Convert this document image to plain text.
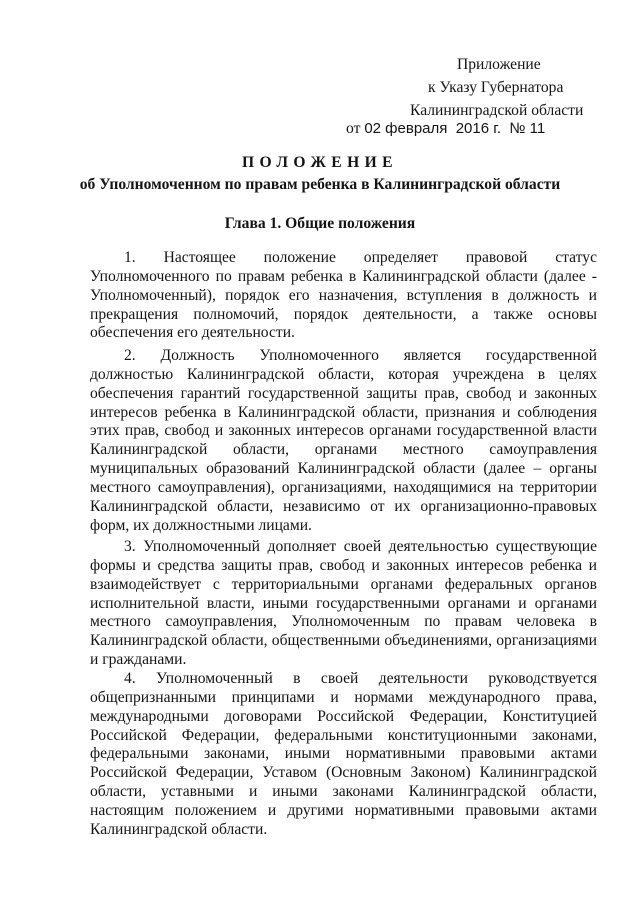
Приложение
к Указу Губернатора
Калининградской области
от 02 февраля  2016 г.  № 11
ПОЛОЖЕНИЕ
об Уполномоченном по правам ребенка в Калининградской области
Глава 1. Общие положения
1. Настоящее положение определяет правовой статус Уполномоченного по правам ребенка в Калининградской области (далее - Уполномоченный), порядок его назначения, вступления в должность и прекращения полномочий, порядок деятельности, а также основы обеспечения его деятельности.
2. Должность Уполномоченного является государственной должностью Калининградской области, которая учреждена в целях обеспечения гарантий государственной защиты прав, свобод и законных интересов ребенка в Калининградской области, признания и соблюдения этих прав, свобод и законных интересов органами государственной власти Калининградской области, органами местного самоуправления муниципальных образований Калининградской области (далее – органы местного самоуправления), организациями, находящимися на территории Калининградской области, независимо от их организационно-правовых форм, их должностными лицами.
3. Уполномоченный дополняет своей деятельностью существующие формы и средства защиты прав, свобод и законных интересов ребенка и взаимодействует с территориальными органами федеральных органов исполнительной власти, иными государственными органами и органами местного самоуправления, Уполномоченным по правам человека в Калининградской области, общественными объединениями, организациями и гражданами.
4. Уполномоченный в своей деятельности руководствуется общепризнанными принципами и нормами международного права, международными договорами Российской Федерации, Конституцией Российской Федерации, федеральными конституционными законами, федеральными законами, иными нормативными правовыми актами Российской Федерации, Уставом (Основным Законом) Калининградской области, уставными и иными законами Калининградской области, настоящим положением и другими нормативными правовыми актами Калининградской области.
